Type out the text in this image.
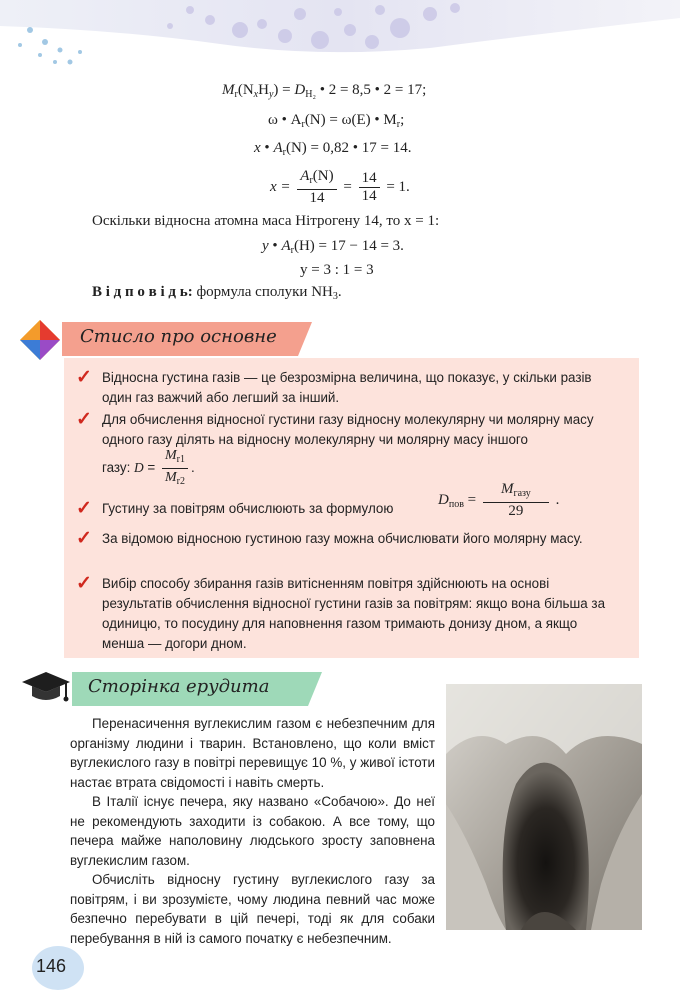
$M_r(N_xH_y) = D_{H_2}$ • 2 = 8,5 • 2 = 17;
ω • $A_r(N) = \omega(E)$ • $M_r$;
x • $A_r(N) = 0,82$ • 17 = 14.
$x = \frac{A_r(N)}{14} = \frac{14}{14} = 1$.
Оскільки відносна атомна маса Нітрогену 14, то x = 1:
y • $A_r(H) = 17 - 14 = 3$.
y = 3 : 1 = 3
В і д п о в і д ь: формула сполуки $NH_3$.
Стисло про основне
✓ Відносна густина газів — це безрозмірна величина, що показує, у скільки разів один газ важчий або легший за інший.
✓ Для обчислення відносної густини газу відносну молекулярну чи молярну масу одного газу ділять на відносну молекулярну чи молярну масу іншого
газу: $D = \frac{M_{r1}}{M_{r2}}$ .
✓ Густину за повітрям обчислюють за формулою
$D_{пов} = \frac{M_{газу}}{29}$ .
✓ За відомою відносною густиною газу можна обчислювати його молярну масу.
✓ Вибір способу збирання газів витісненням повітря здійснюють на основі результатів обчислення відносної густини газів за повітрям: якщо вона більша за одиницю, то посудину для наповнення газом тримають донизу дном, а якщо менша — догори дном.
Сторінка ерудита

Перенасичення вуглекислим газом є небезпечним для організму людини і тварин. Встановлено, що коли вміст вуглекислого газу в повітрі перевищує 10 %, у живої істоти настає втрата свідомості і навіть смерть.

В Італії існує печера, яку названо «Собачою». До неї не рекомендують заходити із собакою. А все тому, що печера майже наполовину людського зросту заповнена вуглекислим газом.

Обчисліть відносну густину вуглекислого газу за повітрям, і ви зрозумієте, чому людина певний час може безпечно перебувати в цій печері, тоді як для собаки перебування в ній із самого початку є небезпечним.

146
